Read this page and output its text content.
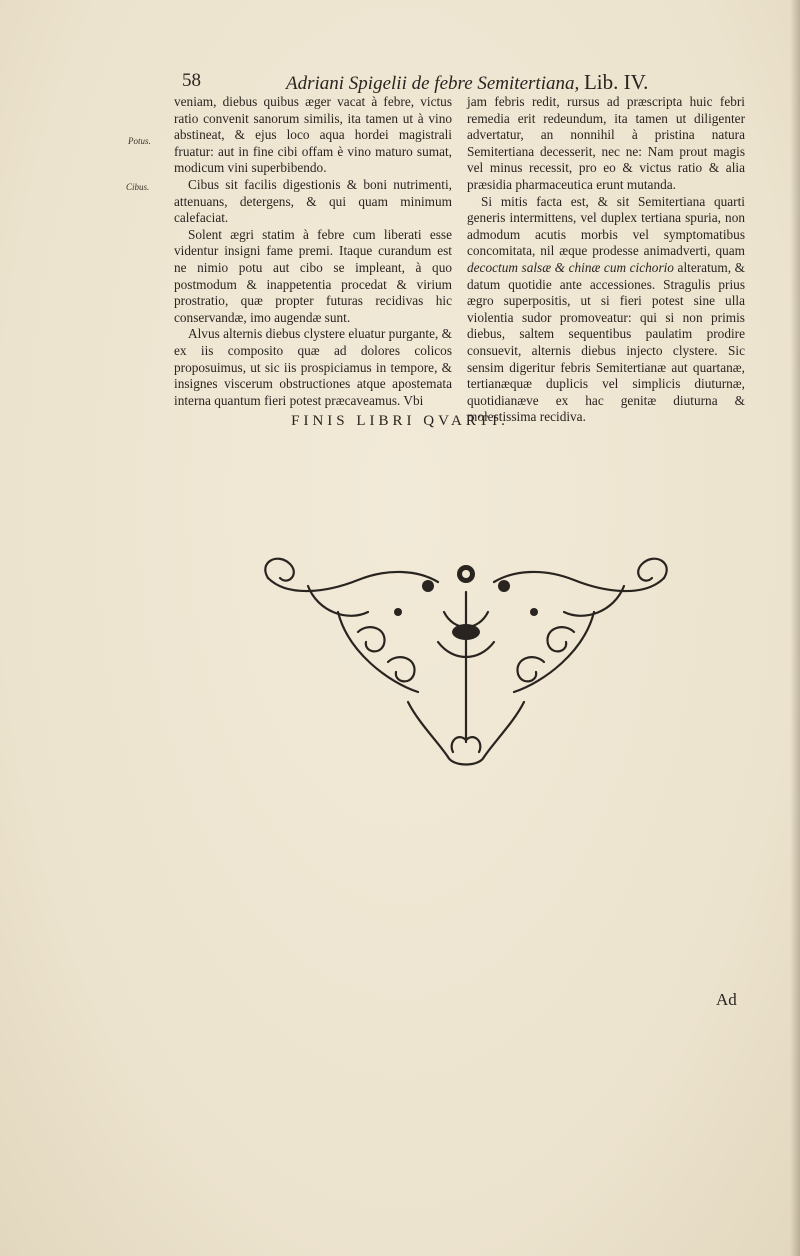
58	Adriani Spigelii de febre Semitertiana, Lib. IV.
Potus.
Cibus.

veniam, diebus quibus æger vacat à febre, victus ratio convenit sanorum similis, ita tamen ut à vino abstineat, & ejus loco aqua hordei magistrali fruatur: aut in fine cibi offam è vino maturo sumat, modicum vini superbibendo.

Cibus sit facilis digestionis & boni nutrimenti, attenuans, detergens, & qui quam minimum calefaciat.

Solent ægri statim à febre cum liberati esse videntur insigni fame premi. Itaque curandum est ne nimio potu aut cibo se impleant, à quo postmodum & inappetentia procedat & virium prostratio, quæ propter futuras recidivas hic conservandæ, imo augendæ sunt.

Alvus alternis diebus clystere eluatur purgante, & ex iis composito quæ ad dolores colicos proposuimus, ut sic iis prospiciamus in tempore, & insignes viscerum obstructiones atque apostemata interna quantum fieri potest præcaveamus. Vbi

jam febris redit, rursus ad præscripta huic febri remedia erit redeundum, ita tamen ut diligenter advertatur, an nonnihil à pristina natura Semitertiana decesserit, nec ne: Nam prout magis vel minus recessit, pro eo & victus ratio & alia præsidia pharmaceutica erunt mutanda.

Si mitis facta est, & sit Semitertiana quarti generis intermittens, vel duplex tertiana spuria, non admodum acutis morbis vel symptomatibus concomitata, nil æque prodesse animadverti, quam decoctum salsæ & chinæ cum cichorio alteratum, & datum quotidie ante accessiones. Stragulis prius ægro superpositis, ut si fieri potest sine ulla violentia sudor promoveatur: qui si non primis diebus, saltem sequentibus paulatim prodire consuevit, alternis diebus injecto clystere. Sic sensim digeritur febris Semitertianæ aut quartanæ, tertianæquæ duplicis vel simplicis diuturnæ, quotidianæve ex hac genitæ diuturna & molestissima recidiva.

FINIS LIBRI QVARTI.
Ad
